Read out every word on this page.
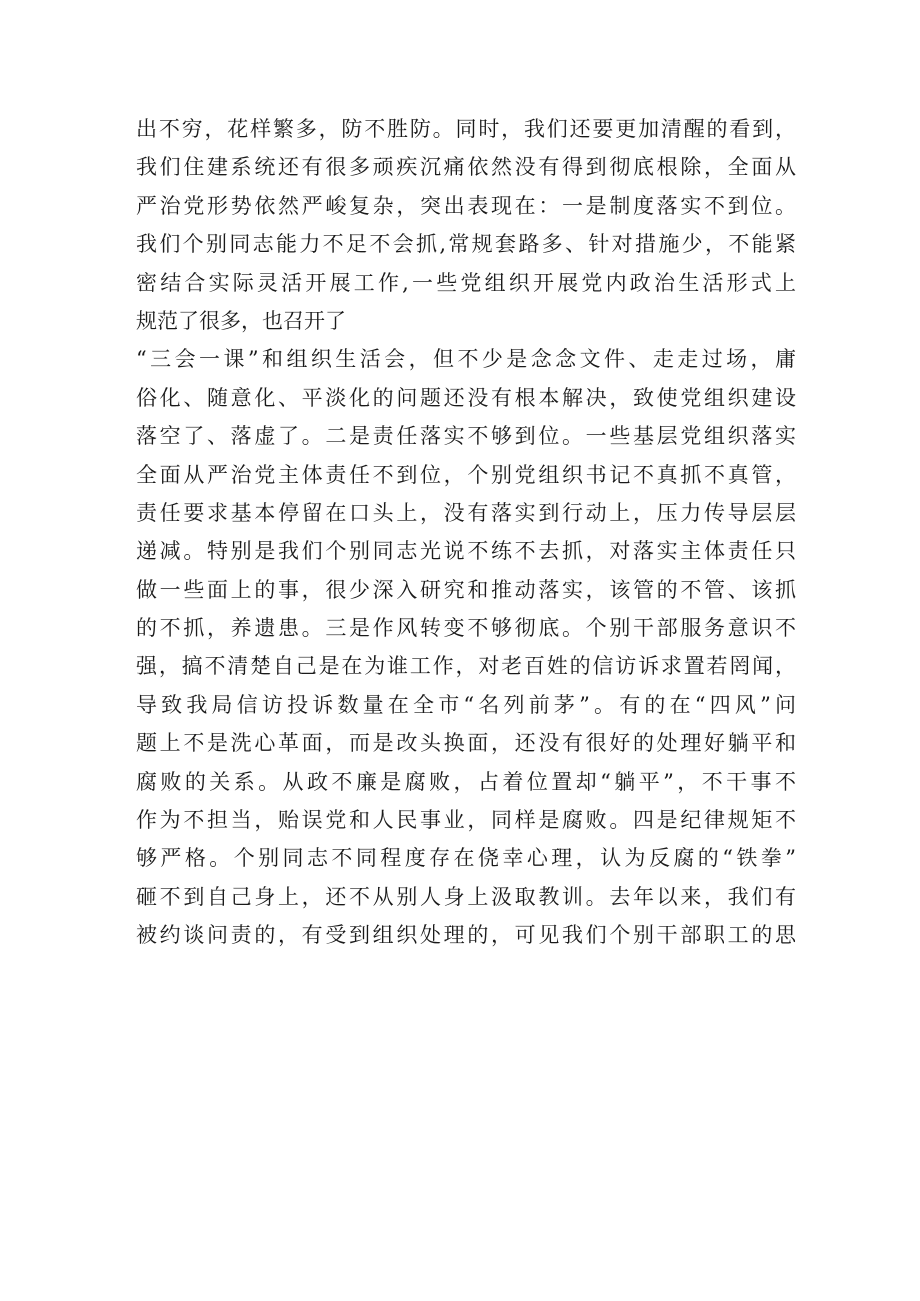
出不穷，花样繁多，防不胜防。同时，我们还要更加清醒的看到，
我们住建系统还有很多顽疾沉痛依然没有得到彻底根除，全面从
严治党形势依然严峻复杂，突出表现在：一是制度落实不到位。
我们个别同志能力不足不会抓,常规套路多、针对措施少，不能紧
密结合实际灵活开展工作,一些党组织开展党内政治生活形式上
规范了很多，也召开了
“三会一课”和组织生活会，但不少是念念文件、走走过场，庸
俗化、随意化、平淡化的问题还没有根本解决，致使党组织建设
落空了、落虚了。二是责任落实不够到位。一些基层党组织落实
全面从严治党主体责任不到位，个别党组织书记不真抓不真管，
责任要求基本停留在口头上，没有落实到行动上，压力传导层层
递减。特别是我们个别同志光说不练不去抓，对落实主体责任只
做一些面上的事，很少深入研究和推动落实，该管的不管、该抓
的不抓，养遗患。三是作风转变不够彻底。个别干部服务意识不
强，搞不清楚自己是在为谁工作，对老百姓的信访诉求置若罔闻，
导致我局信访投诉数量在全市“名列前茅”。有的在“四风”问
题上不是洗心革面，而是改头换面，还没有很好的处理好躺平和
腐败的关系。从政不廉是腐败，占着位置却“躺平”，不干事不
作为不担当，贻误党和人民事业，同样是腐败。四是纪律规矩不
够严格。个别同志不同程度存在侥幸心理，认为反腐的“铁拳”
砸不到自己身上，还不从别人身上汲取教训。去年以来，我们有
被约谈问责的，有受到组织处理的，可见我们个别干部职工的思
